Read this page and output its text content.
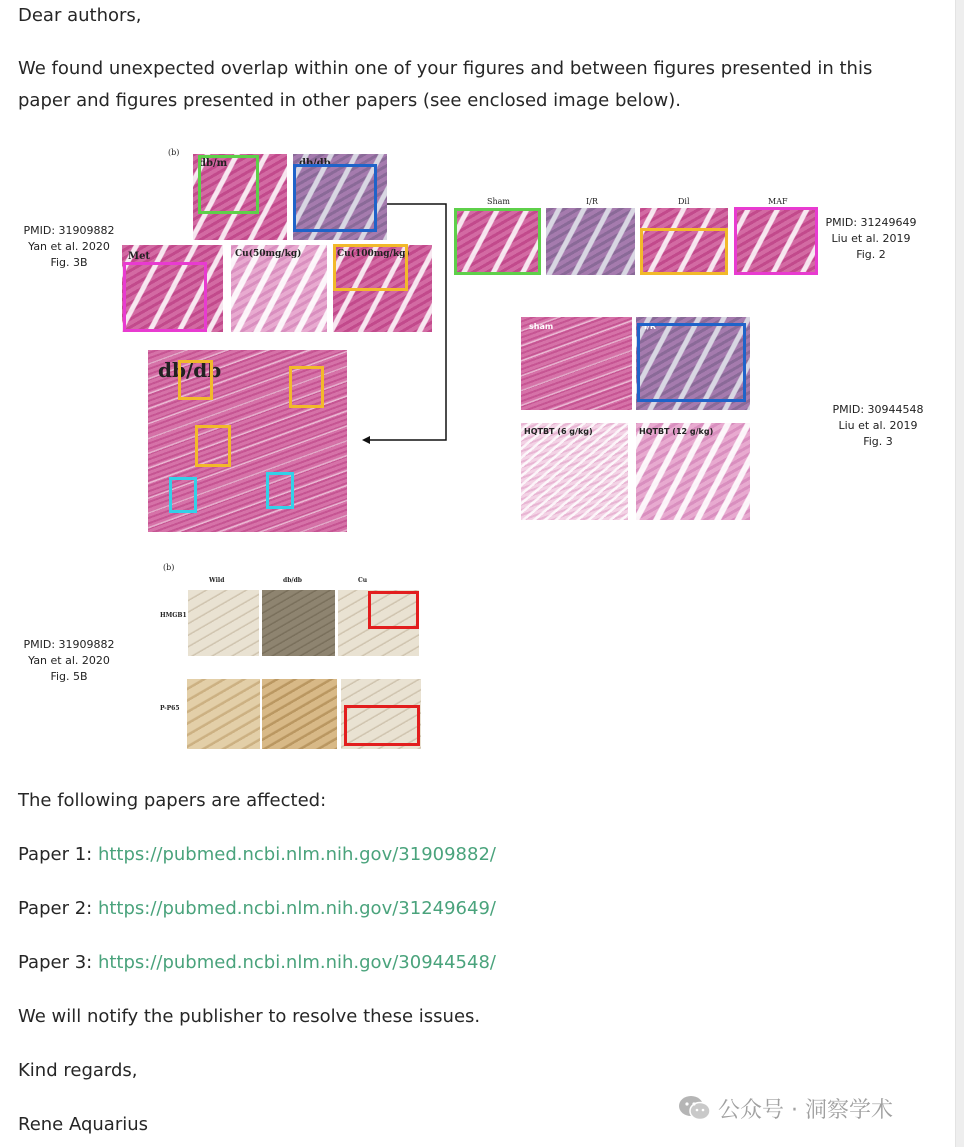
Dear authors,

We found unexpected overlap within one of your figures and between figures presented in this paper and figures presented in other papers (see enclosed image below).

PMID: 31909882
Yan et al. 2020
Fig. 3B
PMID: 31249649
Liu et al. 2019
Fig. 2
PMID: 30944548
Liu et al. 2019
Fig. 3
PMID: 31909882
Yan et al. 2020
Fig. 5B
(b)
db/m	db/db
Met	Cu(50mg/kg)	Cu(100mg/kg)
db/db
Sham	I/R	Dil	MAF
sham	I/R
HQTBT (6 g/kg)	HQTBT (12 g/kg)
(b)
Wild	db/db	Cu
HMGB1
P-P65

The following papers are affected:

Paper 1: https://pubmed.ncbi.nlm.nih.gov/31909882/

Paper 2: https://pubmed.ncbi.nlm.nih.gov/31249649/

Paper 3: https://pubmed.ncbi.nlm.nih.gov/30944548/

We will notify the publisher to resolve these issues.

Kind regards,

Rene Aquarius

公众号 · 洞察学术
